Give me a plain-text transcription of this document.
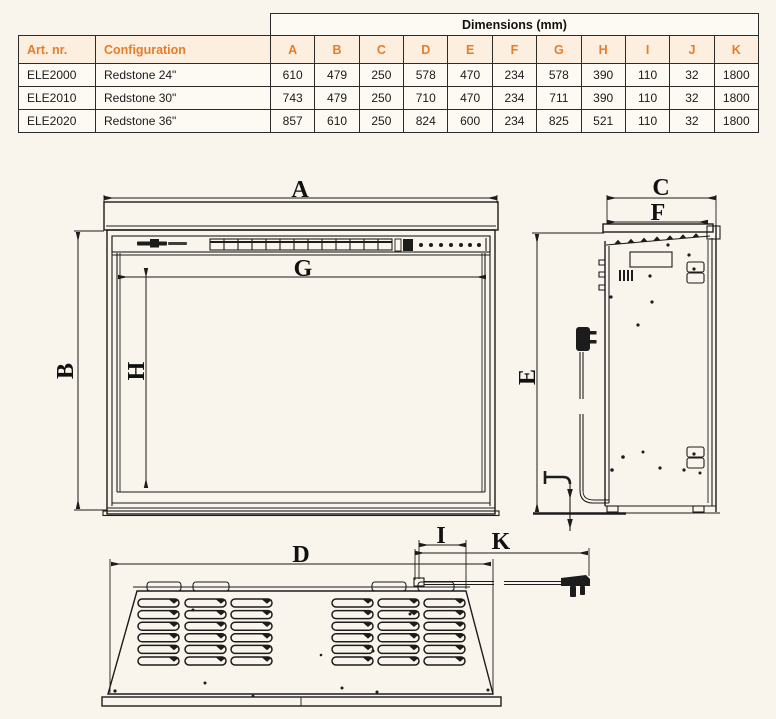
		Dimensions (mm)										
Art. nr.	Configuration	A	B	C	D	E	F	G	H	I	J	K
ELE2000	Redstone 24"	610	479	250	578	470	234	578	390	110	32	1800
ELE2010	Redstone 30"	743	479	250	710	470	234	711	390	110	32	1800
ELE2020	Redstone 36"	857	610	250	824	600	234	825	521	110	32	1800
A
G
B H
C
F
E
D
I K
